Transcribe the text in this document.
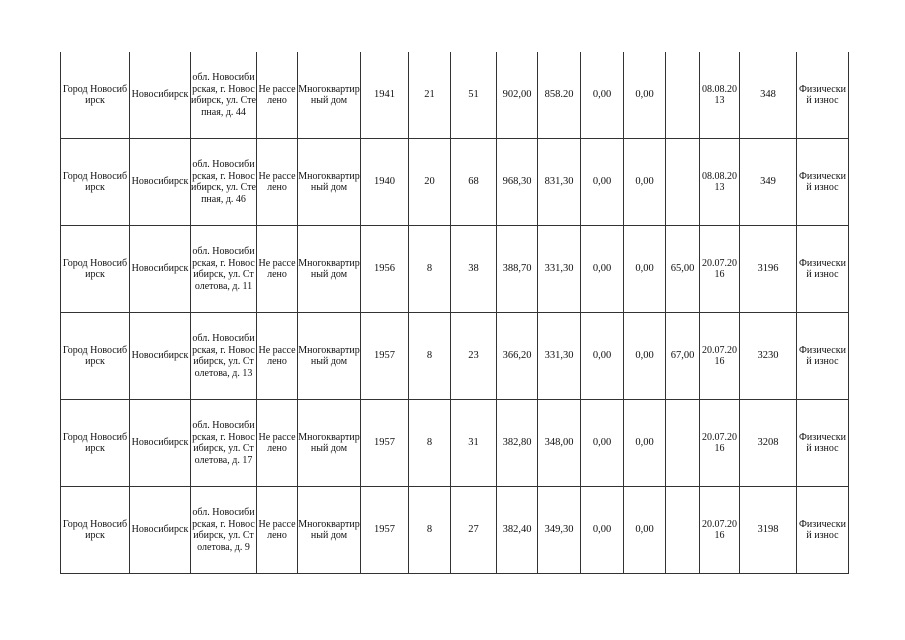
Город Новосибирск	Новосибирск	обл. Новосибирская, г. Новосибирск, ул. Степная, д. 44	Не расселено	Многоквартирный дом	1941	21	51	902,00	858.20	0,00	0,00		08.08.2013	348	Физический износ
Город Новосибирск	Новосибирск	обл. Новосибирская, г. Новосибирск, ул. Степная, д. 46	Не расселено	Многоквартирный дом	1940	20	68	968,30	831,30	0,00	0,00		08.08.2013	349	Физический износ
Город Новосибирск	Новосибирск	обл. Новосибирская, г. Новосибирск, ул. Столетова, д. 11	Не расселено	Многоквартирный дом	1956	8	38	388,70	331,30	0,00	0,00	65,00	20.07.2016	3196	Физический износ
Город Новосибирск	Новосибирск	обл. Новосибирская, г. Новосибирск, ул. Столетова, д. 13	Не расселено	Многоквартирный дом	1957	8	23	366,20	331,30	0,00	0,00	67,00	20.07.2016	3230	Физический износ
Город Новосибирск	Новосибирск	обл. Новосибирская, г. Новосибирск, ул. Столетова, д. 17	Не расселено	Многоквартирный дом	1957	8	31	382,80	348,00	0,00	0,00		20.07.2016	3208	Физический износ
Город Новосибирск	Новосибирск	обл. Новосибирская, г. Новосибирск, ул. Столетова, д. 9	Не расселено	Многоквартирный дом	1957	8	27	382,40	349,30	0,00	0,00		20.07.2016	3198	Физический износ
